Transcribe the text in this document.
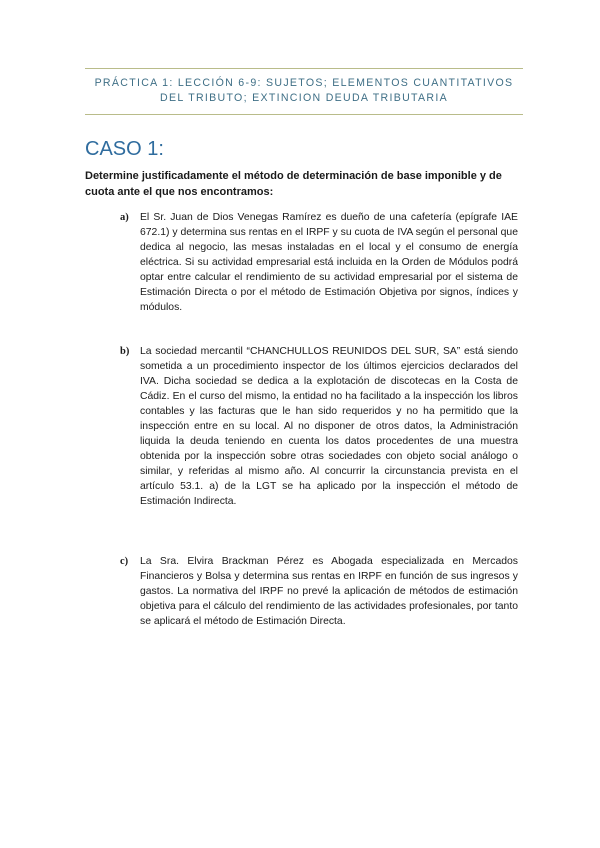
PRÁCTICA 1: LECCIÓN 6-9: SUJETOS; ELEMENTOS CUANTITATIVOS
DEL TRIBUTO; EXTINCION DEUDA TRIBUTARIA
CASO 1:
Determine justificadamente el método de determinación de base imponible y de cuota ante el que nos encontramos:
a) El Sr. Juan de Dios Venegas Ramírez es dueño de una cafetería (epígrafe IAE 672.1) y determina sus rentas en el IRPF y su cuota de IVA según el personal que dedica al negocio, las mesas instaladas en el local y el consumo de energía eléctrica. Si su actividad empresarial está incluida en la Orden de Módulos podrá optar entre calcular el rendimiento de su actividad empresarial por el sistema de Estimación Directa o por el método de Estimación Objetiva por signos, índices y módulos.
b) La sociedad mercantil “CHANCHULLOS REUNIDOS DEL SUR, SA” está siendo sometida a un procedimiento inspector de los últimos ejercicios declarados del IVA. Dicha sociedad se dedica a la explotación de discotecas en la Costa de Cádiz. En el curso del mismo, la entidad no ha facilitado a la inspección los libros contables y las facturas que le han sido requeridos y no ha permitido que la inspección entre en su local. Al no disponer de otros datos, la Administración liquida la deuda teniendo en cuenta los datos procedentes de una muestra obtenida por la inspección sobre otras sociedades con objeto social análogo o similar, y referidas al mismo año. Al concurrir la circunstancia prevista en el artículo 53.1. a) de la LGT se ha aplicado por la inspección el método de Estimación Indirecta.
c) La Sra. Elvira Brackman Pérez es Abogada especializada en Mercados Financieros y Bolsa y determina sus rentas en IRPF en función de sus ingresos y gastos. La normativa del IRPF no prevé la aplicación de métodos de estimación objetiva para el cálculo del rendimiento de las actividades profesionales, por tanto se aplicará el método de Estimación Directa.
